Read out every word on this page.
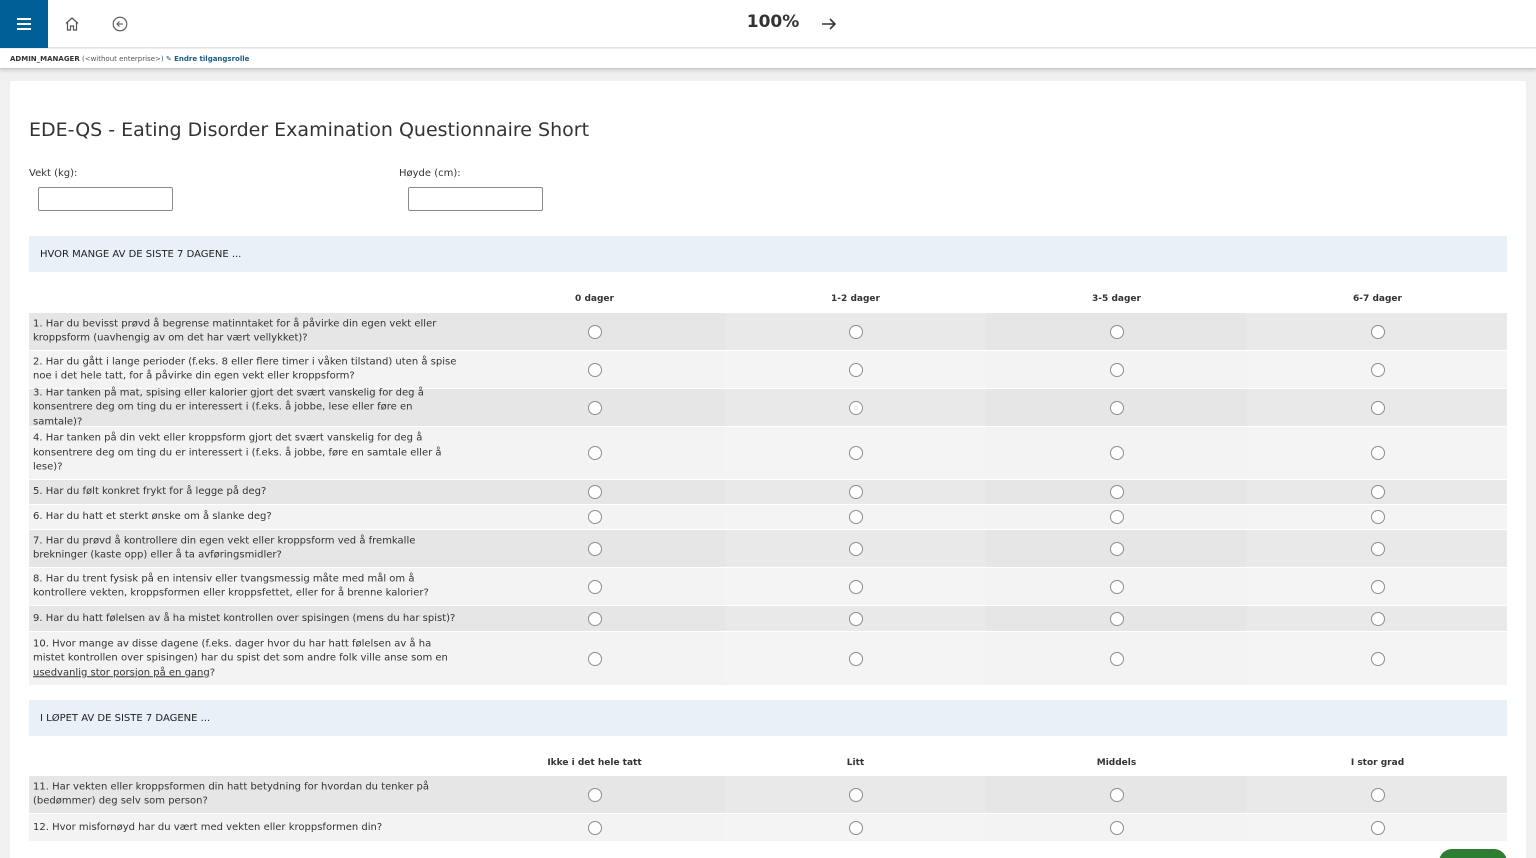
100%
ADMIN_MANAGER (<without enterprise>) ✎ Endre tilgangsrolle
EDE-QS - Eating Disorder Examination Questionnaire Short
Vekt (kg):	Høyde (cm):
HVOR MANGE AV DE SISTE 7 DAGENE ...
0 dager	1-2 dager	3-5 dager	6-7 dager
1. Har du bevisst prøvd å begrense matinntaket for å påvirke din egen vekt eller kroppsform (uavhengig av om det har vært vellykket)?
2. Har du gått i lange perioder (f.eks. 8 eller flere timer i våken tilstand) uten å spise noe i det hele tatt, for å påvirke din egen vekt eller kroppsform?
3. Har tanken på mat, spising eller kalorier gjort det svært vanskelig for deg å konsentrere deg om ting du er interessert i (f.eks. å jobbe, lese eller føre en samtale)?
4. Har tanken på din vekt eller kroppsform gjort det svært vanskelig for deg å konsentrere deg om ting du er interessert i (f.eks. å jobbe, føre en samtale eller å lese)?
5. Har du følt konkret frykt for å legge på deg?
6. Har du hatt et sterkt ønske om å slanke deg?
7. Har du prøvd å kontrollere din egen vekt eller kroppsform ved å fremkalle brekninger (kaste opp) eller å ta avføringsmidler?
8. Har du trent fysisk på en intensiv eller tvangsmessig måte med mål om å kontrollere vekten, kroppsformen eller kroppsfettet, eller for å brenne kalorier?
9. Har du hatt følelsen av å ha mistet kontrollen over spisingen (mens du har spist)?
10. Hvor mange av disse dagene (f.eks. dager hvor du har hatt følelsen av å ha mistet kontrollen over spisingen) har du spist det som andre folk ville anse som en usedvanlig stor porsjon på en gang?
I LØPET AV DE SISTE 7 DAGENE ...
Ikke i det hele tatt	Litt	Middels	I stor grad
11. Har vekten eller kroppsformen din hatt betydning for hvordan du tenker på (bedømmer) deg selv som person?
12. Hvor misfornøyd har du vært med vekten eller kroppsformen din?
